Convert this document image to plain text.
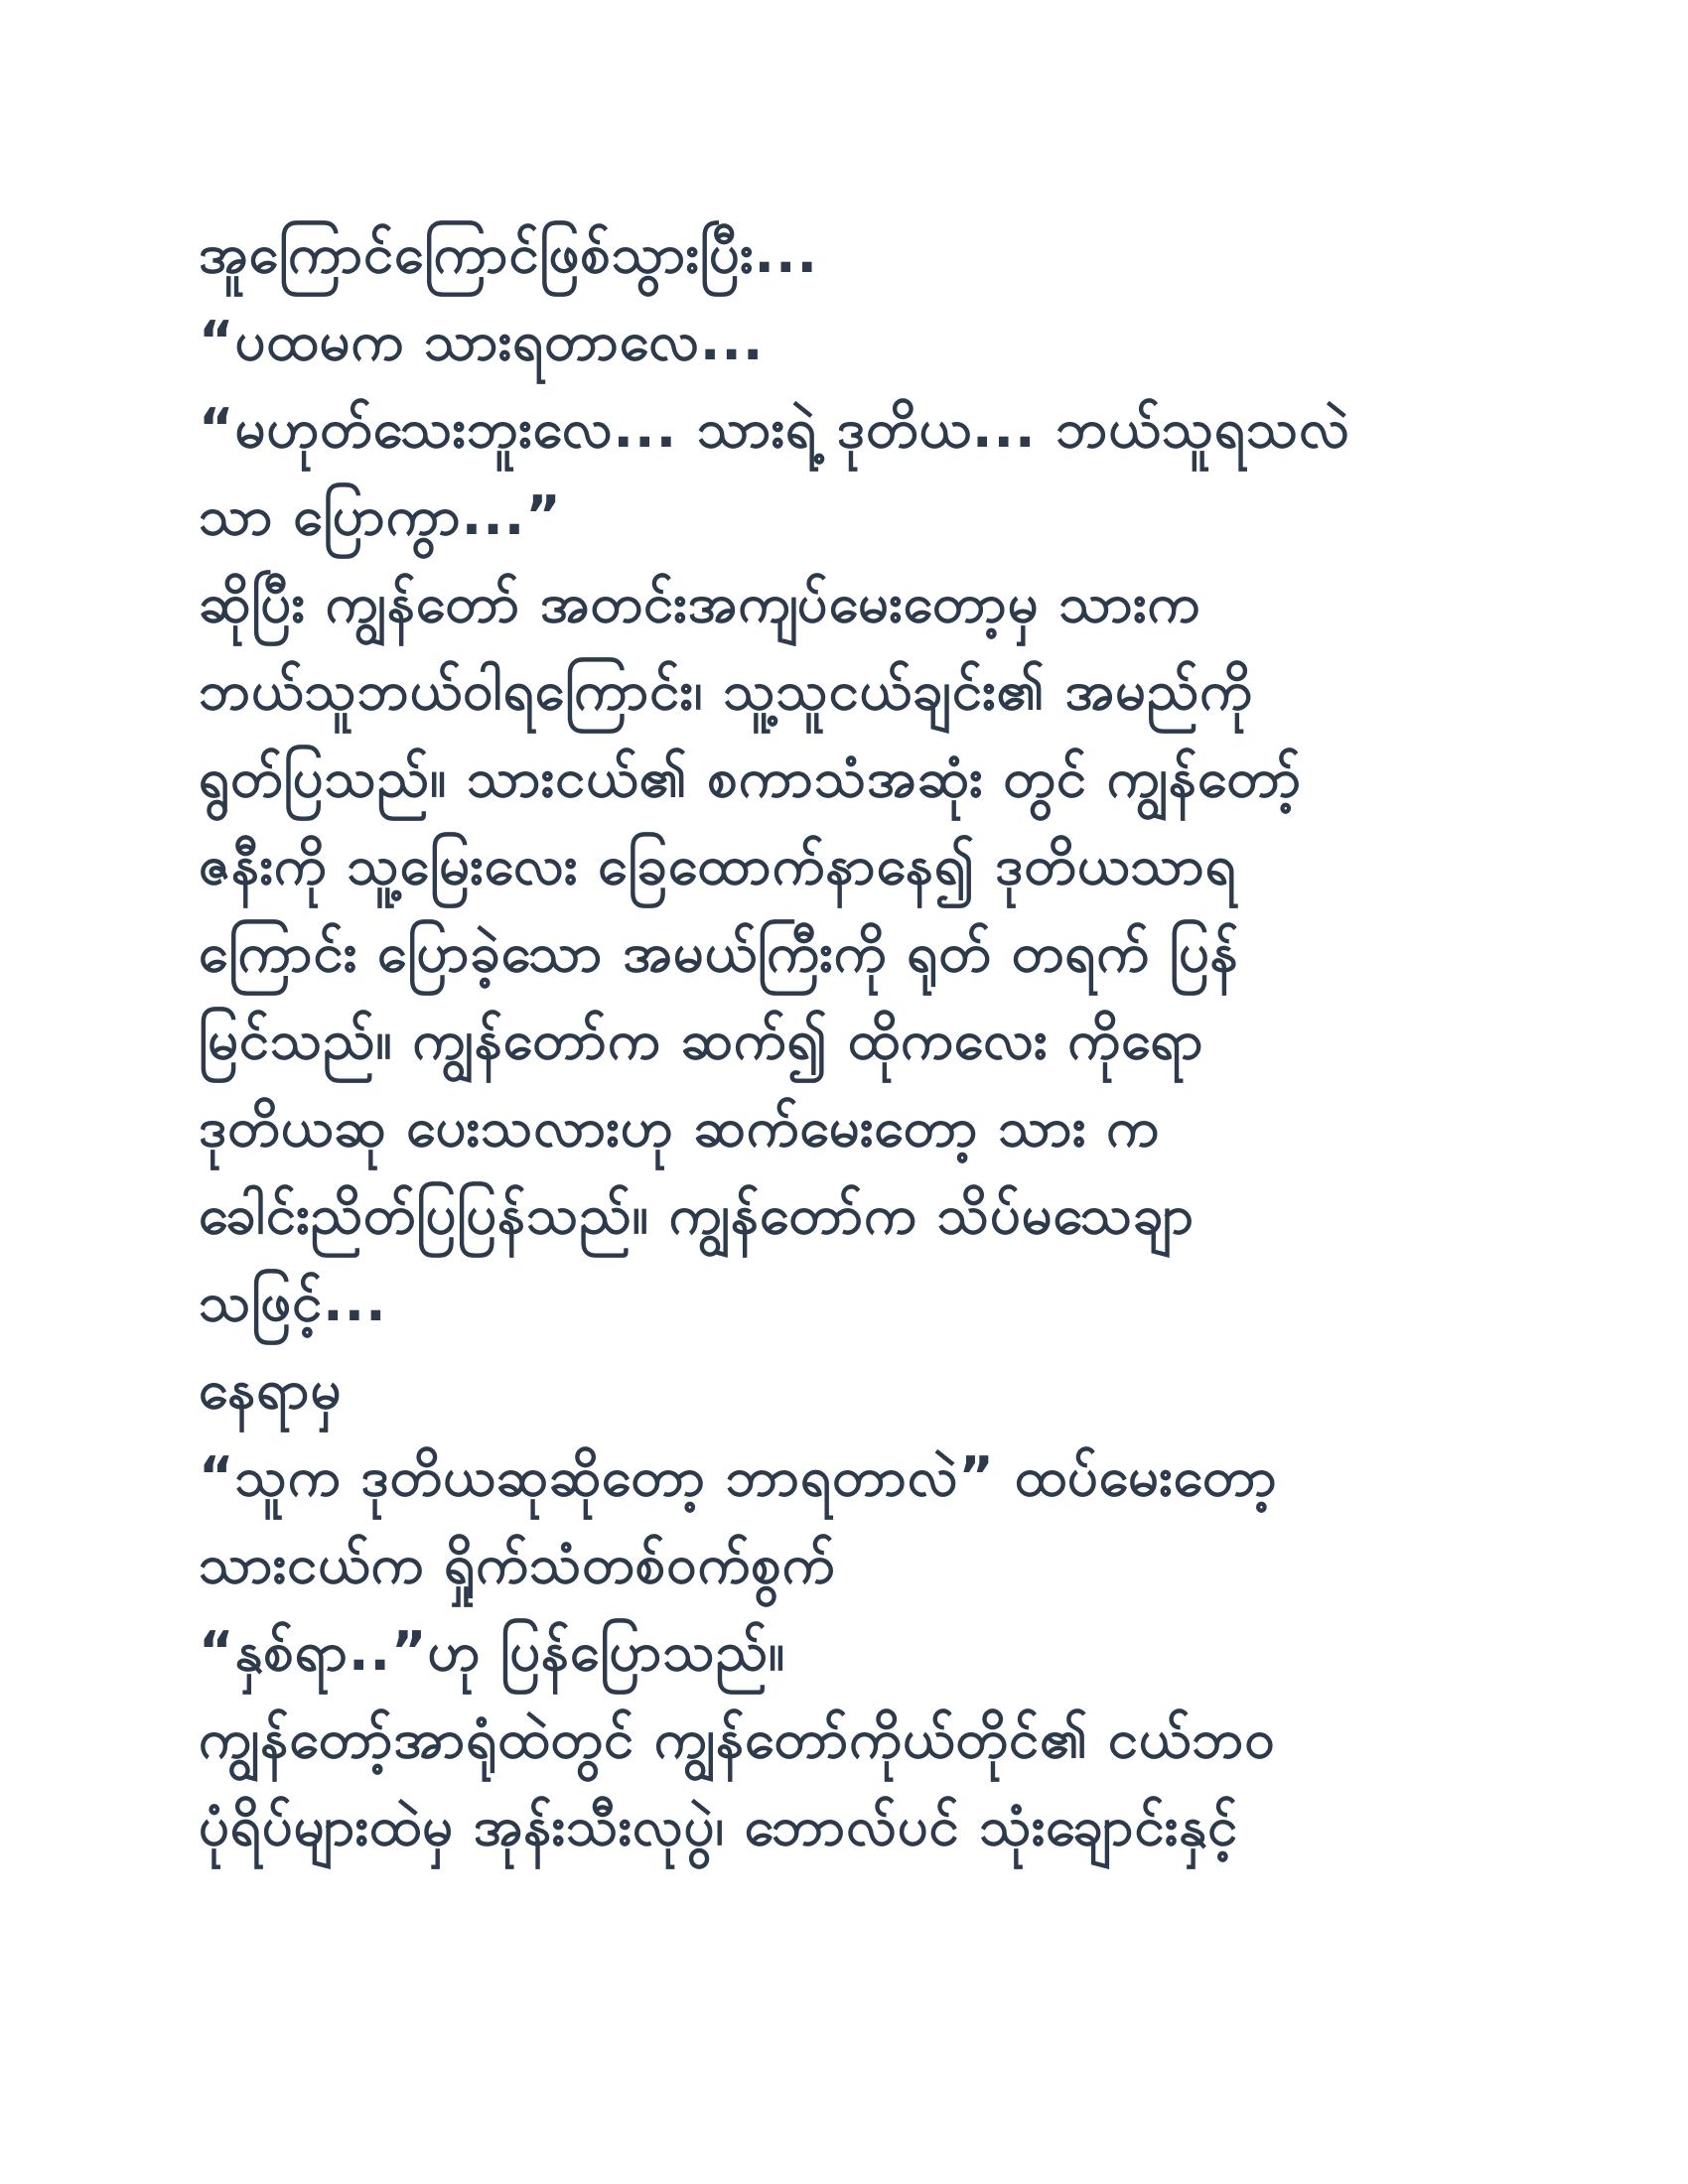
အူကြောင်ကြောင်ဖြစ်သွားပြီး...
“ပထမက သားရတာလေ...
“မဟုတ်သေးဘူးလေ... သားရဲ့ ဒုတိယ... ဘယ်သူရသလဲ
သာ ပြောကွာ...”
ဆိုပြီး ကျွန်တော် အတင်းအကျပ်မေးတော့မှ သားက
ဘယ်သူဘယ်ဝါရကြောင်း၊ သူ့သူငယ်ချင်း၏ အမည်ကို
ရွတ်ပြသည်။ သားငယ်၏ စကာသံအဆုံး တွင် ကျွန်တော့်
ဇနီးကို သူ့မြေးလေး ခြေထောက်နာနေ၍ ဒုတိယသာရ
ကြောင်း ပြောခဲ့သော အမယ်ကြီးကို ရုတ် တရက် ပြန်
မြင်သည်။ ကျွန်တော်က ဆက်၍ ထိုကလေး ကိုရော
ဒုတိယဆု ပေးသလားဟု ဆက်မေးတော့ သား က
ခေါင်းညိတ်ပြပြန်သည်။ ကျွန်တော်က သိပ်မသေချာ
သဖြင့်...
နေရာမှ
“သူက ဒုတိယဆုဆိုတော့ ဘာရတာလဲ” ထပ်မေးတော့
သားငယ်က ရှိုက်သံတစ်ဝက်စွက်
“နှစ်ရာ..”ဟု ပြန်ပြောသည်။
ကျွန်တော့်အာရုံထဲတွင် ကျွန်တော်ကိုယ်တိုင်၏ ငယ်ဘဝ
ပုံရိပ်များထဲမှ အုန်းသီးလုပွဲ၊ ဘောလ်ပင် သုံးချောင်းနှင့်
